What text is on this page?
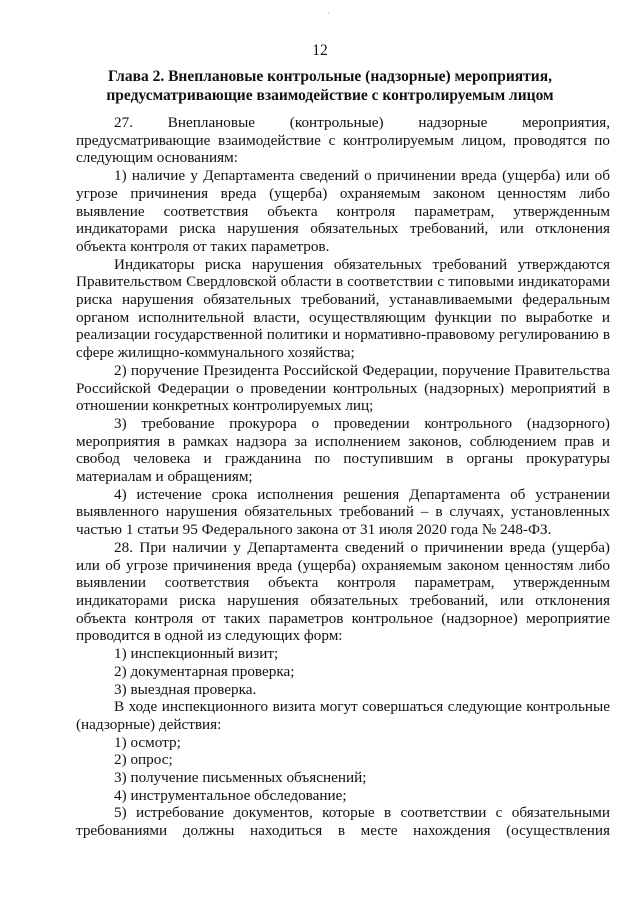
·
12
Глава 2. Внеплановые контрольные (надзорные) мероприятия,
предусматривающие взаимодействие с контролируемым лицом

27. Внеплановые (контрольные) надзорные мероприятия, предусматривающие взаимодействие с контролируемым лицом, проводятся по следующим основаниям:

1) наличие у Департамента сведений о причинении вреда (ущерба) или об угрозе причинения вреда (ущерба) охраняемым законом ценностям либо выявление соответствия объекта контроля параметрам, утвержденным индикаторами риска нарушения обязательных требований, или отклонения объекта контроля от таких параметров.

Индикаторы риска нарушения обязательных требований утверждаются Правительством Свердловской области в соответствии с типовыми индикаторами риска нарушения обязательных требований, устанавливаемыми федеральным органом исполнительной власти, осуществляющим функции по выработке и реализации государственной политики и нормативно-правовому регулированию в сфере жилищно-коммунального хозяйства;

2) поручение Президента Российской Федерации, поручение Правительства Российской Федерации о проведении контрольных (надзорных) мероприятий в отношении конкретных контролируемых лиц;

3) требование прокурора о проведении контрольного (надзорного) мероприятия в рамках надзора за исполнением законов, соблюдением прав и свобод человека и гражданина по поступившим в органы прокуратуры материалам и обращениям;

4) истечение срока исполнения решения Департамента об устранении выявленного нарушения обязательных требований – в случаях, установленных частью 1 статьи 95 Федерального закона от 31 июля 2020 года № 248-ФЗ.

28. При наличии у Департамента сведений о причинении вреда (ущерба) или об угрозе причинения вреда (ущерба) охраняемым законом ценностям либо выявлении соответствия объекта контроля параметрам, утвержденным индикаторами риска нарушения обязательных требований, или отклонения объекта контроля от таких параметров контрольное (надзорное) мероприятие проводится в одной из следующих форм:

1) инспекционный визит;

2) документарная проверка;

3) выездная проверка.

В ходе инспекционного визита могут совершаться следующие контрольные (надзорные) действия:

1) осмотр;

2) опрос;

3) получение письменных объяснений;

4) инструментальное обследование;

5) истребование документов, которые в соответствии с обязательными требованиями должны находиться в месте нахождения (осуществления
